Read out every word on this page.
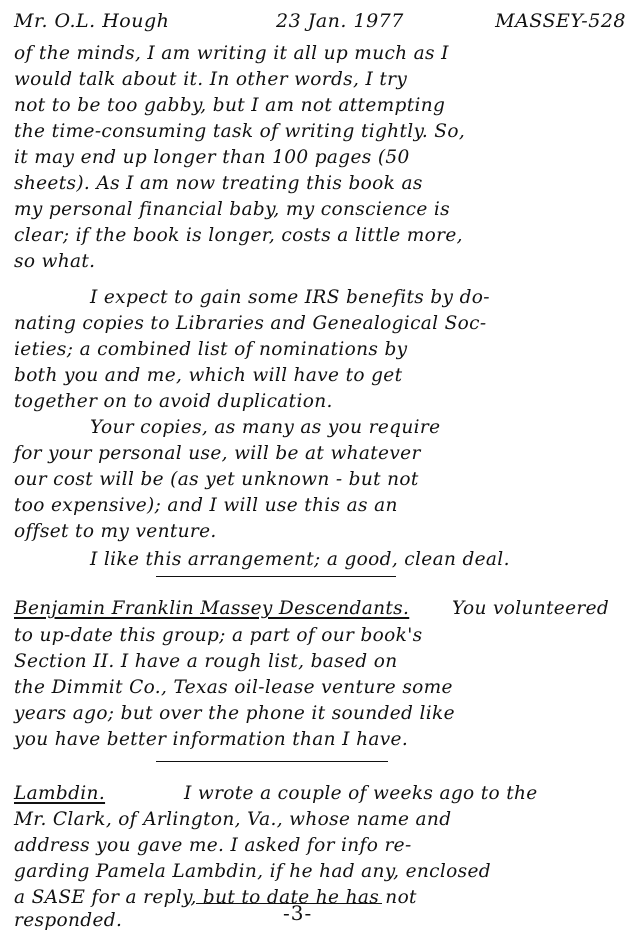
Mr. O.L. Hough	23 Jan. 1977	MASSEY-528
of the minds, I am writing it all up much as I
would talk about it. In other words, I try
not to be too gabby, but I am not attempting
the time-consuming task of writing tightly. So,
it may end up longer than 100 pages (50
sheets). As I am now treating this book as
my personal financial baby, my conscience is
clear; if the book is longer, costs a little more,
so what.
I expect to gain some IRS benefits by do-
nating copies to Libraries and Genealogical Soc-
ieties; a combined list of nominations by
both you and me, which will have to get
together on to avoid duplication.
Your copies, as many as you require
for your personal use, will be at whatever
our cost will be (as yet unknown - but not
too expensive); and I will use this as an
offset to my venture.
I like this arrangement; a good, clean deal.
Benjamin Franklin Massey Descendants. You volunteered
to up-date this group; a part of our book's
Section II. I have a rough list, based on
the Dimmit Co., Texas oil-lease venture some
years ago; but over the phone it sounded like
you have better information than I have.
Lambdin.	I wrote a couple of weeks ago to the
Mr. Clark, of Arlington, Va., whose name and
address you gave me. I asked for info re-
garding Pamela Lambdin, if he had any, enclosed
a SASE for a reply, but to date he has not
responded.	-3-
